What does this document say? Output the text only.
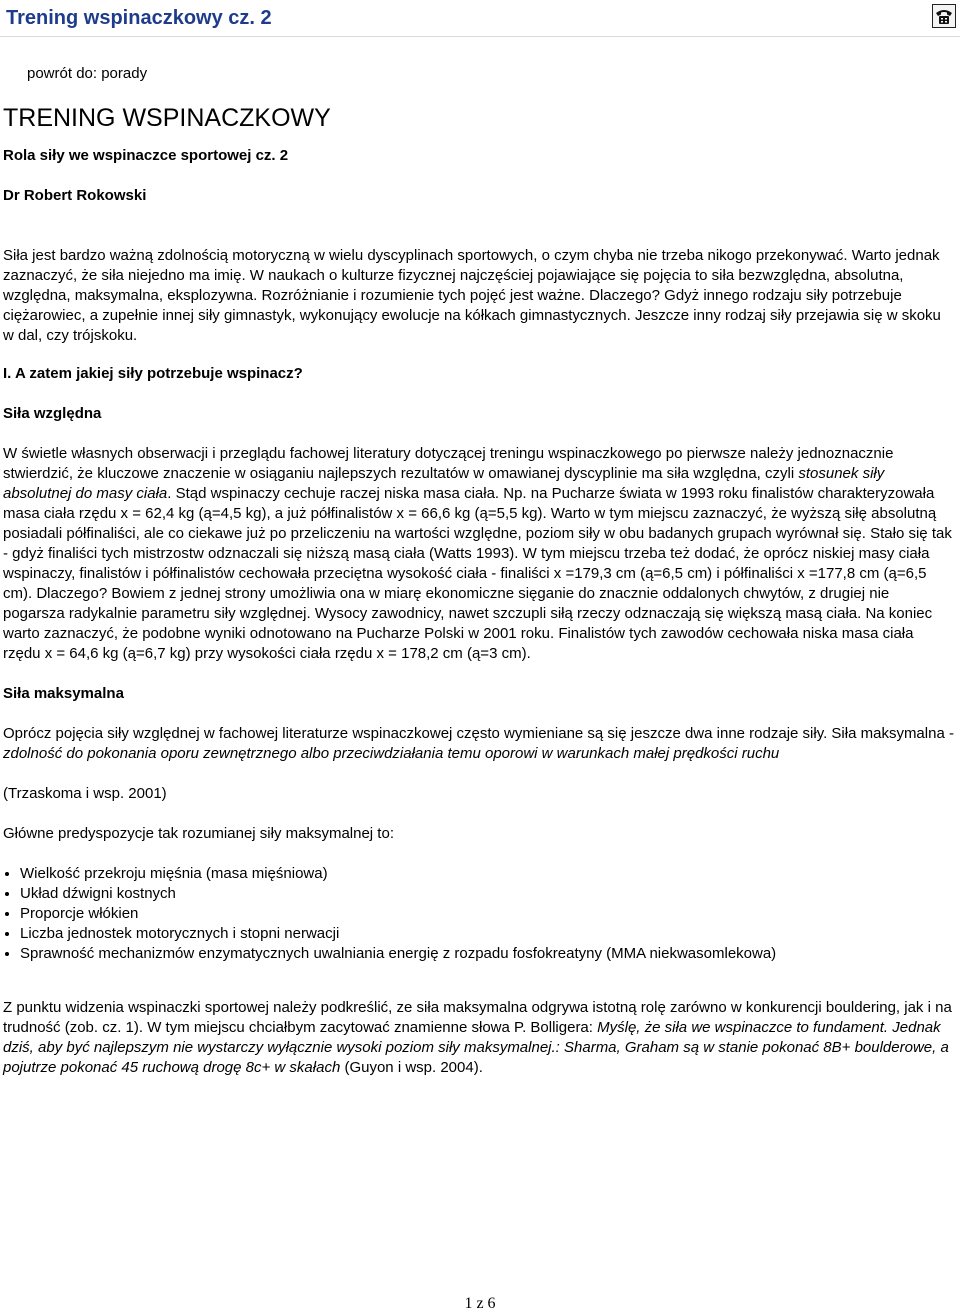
Trening wspinaczkowy cz. 2

powrót do: porady

TRENING WSPINACZKOWY

Rola siły we wspinaczce sportowej cz. 2

Dr Robert Rokowski

Siła jest bardzo ważną zdolnością motoryczną w wielu dyscyplinach sportowych, o czym chyba nie trzeba nikogo przekonywać. Warto jednak zaznaczyć, że siła niejedno ma imię. W naukach o kulturze fizycznej najczęściej pojawiające się pojęcia to siła bezwzględna, absolutna, względna, maksymalna, eksplozywna. Rozróżnianie i rozumienie tych pojęć jest ważne. Dlaczego? Gdyż innego rodzaju siły potrzebuje ciężarowiec, a zupełnie innej siły gimnastyk, wykonujący ewolucje na kółkach gimnastycznych. Jeszcze inny rodzaj siły przejawia się w skoku w dal, czy trójskoku.

I. A zatem jakiej siły potrzebuje wspinacz?

Siła względna

W świetle własnych obserwacji i przeglądu fachowej literatury dotyczącej treningu wspinaczkowego po pierwsze należy jednoznacznie stwierdzić, że kluczowe znaczenie w osiąganiu najlepszych rezultatów w omawianej dyscyplinie ma siła względna, czyli stosunek siły absolutnej do masy ciała. Stąd wspinaczy cechuje raczej niska masa ciała. Np. na Pucharze świata w 1993 roku finalistów charakteryzowała masa ciała rzędu x = 62,4 kg (ą=4,5 kg), a już półfinalistów x = 66,6 kg (ą=5,5 kg). Warto w tym miejscu zaznaczyć, że wyższą siłę absolutną posiadali półfinaliści, ale co ciekawe już po przeliczeniu na wartości względne, poziom siły w obu badanych grupach wyrównał się. Stało się tak - gdyż finaliści tych mistrzostw odznaczali się niższą masą ciała (Watts 1993). W tym miejscu trzeba też dodać, że oprócz niskiej masy ciała wspinaczy, finalistów i półfinalistów cechowała przeciętna wysokość ciała - finaliści x =179,3 cm (ą=6,5 cm) i półfinaliści x =177,8 cm (ą=6,5 cm). Dlaczego? Bowiem z jednej strony umożliwia ona w miarę ekonomiczne sięganie do znacznie oddalonych chwytów, z drugiej nie pogarsza radykalnie parametru siły względnej. Wysocy zawodnicy, nawet szczupli siłą rzeczy odznaczają się większą masą ciała. Na koniec warto zaznaczyć, że podobne wyniki odnotowano na Pucharze Polski w 2001 roku. Finalistów tych zawodów cechowała niska masa ciała rzędu x = 64,6 kg (ą=6,7 kg) przy wysokości ciała rzędu x = 178,2 cm (ą=3 cm).

Siła maksymalna

Oprócz pojęcia siły względnej w fachowej literaturze wspinaczkowej często wymieniane są się jeszcze dwa inne rodzaje siły. Siła maksymalna - zdolność do pokonania oporu zewnętrznego albo przeciwdziałania temu oporowi w warunkach małej prędkości ruchu

(Trzaskoma i wsp. 2001)

Główne predyspozycje tak rozumianej siły maksymalnej to:

• Wielkość przekroju mięśnia (masa mięśniowa)
• Układ dźwigni kostnych
• Proporcje włókien
• Liczba jednostek motorycznych i stopni nerwacji
• Sprawność mechanizmów enzymatycznych uwalniania energię z rozpadu fosfokreatyny (MMA niekwasomlekowa)

Z punktu widzenia wspinaczki sportowej należy podkreślić, ze siła maksymalna odgrywa istotną rolę zarówno w konkurencji bouldering, jak i na trudność (zob. cz. 1). W tym miejscu chciałbym zacytować znamienne słowa P. Bolligera: Myślę, że siła we wspinaczce to fundament. Jednak dziś, aby być najlepszym nie wystarczy wyłącznie wysoki poziom siły maksymalnej.: Sharma, Graham są w stanie pokonać 8B+ boulderowe, a pojutrze pokonać 45 ruchową drogę 8c+ w skałach (Guyon i wsp. 2004).

1 z 6
